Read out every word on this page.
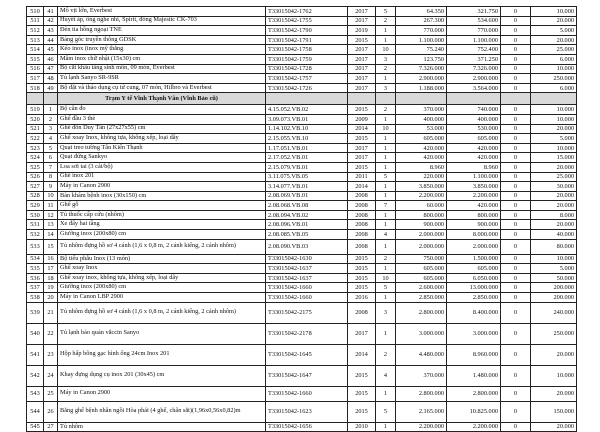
510	41	Mô vịt lớn, Everbest	T33015042-1762	2017	5	64.350	321.750	0	10.000
511	42	Huyết áp, ống nghe nhi, Spirit, đồng Majestic CK-703	T33015042-1755	2017	2	267.300	534.600	0	20.000
512	43	Đèn tia hồng ngoại TNE	T33015042-1790	2019	1	770.000	770.000	0	5.000
513	44	Bảng góc truyền thông GDSK	T33015042-1791	2015	1	1.100.000	1.100.000	0	20.000
514	45	Kéo inox (inox mỹ thẳng	T33015042-1758	2017	10	75.240	752.400	0	25.000
515	46	Mâm inox chữ nhật (15x30) cm	T33015042-1759	2017	3	123.750	371.250	0	6.000
516	47	Bộ cắt khâu tầng sinh môn, 09 món, Everbest	T33015042-1728	2017	2	7.326.000	7.326.000	0	10.000
517	48	Tủ lạnh Sanyo SR-9SR	T33015042-1757	2017	1	2.900.000	2.900.000	0	250.000
518	49	Bộ đặt và tháo dụng cụ tử cung, 07 món, Hilbro và Everbest	T33015042-1726	2017	3	1.188.000	3.564.000	0	6.000
		Trạm Y tế Vĩnh Thạnh Vân (Vĩnh Bảo cũ)							
519	1	Bộ cân đo	4.15.052.VB.02	2015	2	370.000	740.000	0	10.000
520	2	Ghế đầu 3 thẻ	3.09.073.VB.01	2009	1	400.000	400.000	0	10.000
521	3	Ghế đôn Duy Tân (27x27x55) cm	1.14.102.VB.10	2014	10	53.000	530.000	0	20.000
522	4	Ghế xoay Inox, không tựa, không xếp, loại dây	2.15.055.VB.10	2015	1	605.000	605.000	0	5.000
523	5	Quạt treo tường Tân Kiến Thạnh	1.17.051.VB.01	2017	1	420.000	420.000	0	10.000
524	6	Quạt đứng Sankyo	2.17.052.VB.01	2017	1	420.000	420.000	0	15.000
525	7	Loa sơi tai (3 cái/bộ)	2.15.079.VB.01	2015	1	8.960	8.960	0	20.000
526	8	Ghế inox 201	3.11.075.VB.05	2011	5	220.000	1.100.000	0	25.000
527	9	Máy in Canon 2900	3.14.077.VB.01	2014	1	3.850.000	3.850.000	0	30.000
528	10	Bàn khám bệnh inox (30x150) cm	2.08.069.VB.01	2008	1	2.200.000	2.200.000	0	20.000
529	11	Ghế gỗ	2.08.068.VB.08	2008	7	60.000	420.000	0	20.000
530	12	Tủ thuốc cấp cứu (nhôm)	2.08.094.VB.02	2008	1	800.000	800.000	0	8.000
531	13	Xe đẩy hai tầng	2.08.096.VB.01	2008	1	900.000	900.000	0	20.000
532	14	Giường inox (200x80) cm	2.08.085.VB.05	2008	4	2.000.000	8.000.000	0	40.000
533	15	Tủ nhôm đựng hồ sơ 4 cánh (1,6 x 0,8 m, 2 cánh kiếng, 2 cánh nhôm)	2.08.090.VB.03	2008	1	2.000.000	2.000.000	0	80.000
534	16	Bộ tiểu phẫu Inox (13 món)	T33015042-1630	2015	2	750.000	1.500.000	0	10.000
535	17	Ghế xoay Inox	T33015042-1637	2015	1	605.000	605.000	0	5.000
536	18	Ghế xoay inox, không tựa, không xếp, loại dây	T33015042-1637	2015	10	605.000	6.050.000	0	50.000
537	19	Giường inox (200x80) cm	T33015042-1660	2015	5	2.600.000	13.000.000	0	200.000
538	20	Máy in Canon LBP 2900	T33015042-1660	2016	1	2.850.000	2.850.000	0	200.000
539	21	Tủ nhôm đựng hồ sơ 4 cánh (1,6 x 0,8 m, 2 cánh kiếng, 2 cánh nhôm)	T33015042-2175	2008	3	2.800.000	8.400.000	0	240.000
540	22	Tủ lạnh bảo quản vắccin Sanyo	T33015042-2178	2017	1	3.000.000	3.000.000	0	250.000
541	23	Hộp hấp bông gạc hình ống 24cm Inox 201	T33015042-1645	2014	2	4.480.000	8.960.000	0	20.000
542	24	Khay đựng dụng cụ inox 201 (30x45) cm	T33015042-1647	2015	4	370.000	1.480.000	0	10.000
543	25	Máy in Canon 2900	T33015042-1660	2015	1	2.800.000	2.800.000	0	20.000
544	26	Băng ghế bệnh nhân ngồi Hòa phát (4 ghế, chân sắt)(1,96x0,56x0,82)m	T33015042-1623	2015	5	2.165.000	10.825.000	0	150.000
545	27	Tủ nhôm	T33015042-1656	2010	1	2.200.000	2.200.000	0	20.000
